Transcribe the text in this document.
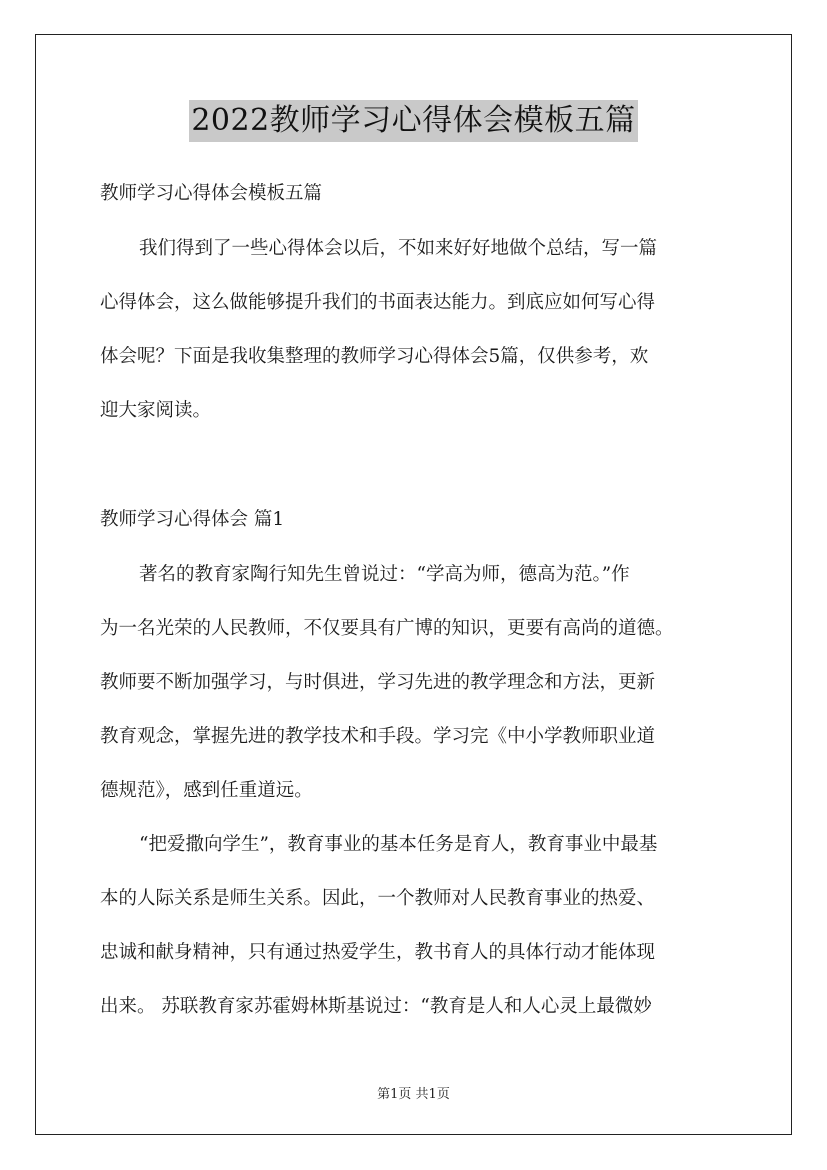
2022教师学习心得体会模板五篇
教师学习心得体会模板五篇
我们得到了一些心得体会以后，不如来好好地做个总结，写一篇
心得体会，这么做能够提升我们的书面表达能力。到底应如何写心得
体会呢？下面是我收集整理的教师学习心得体会5篇，仅供参考，欢
迎大家阅读。
教师学习心得体会 篇1
著名的教育家陶行知先生曾说过：“学高为师，德高为范。”作
为一名光荣的人民教师，不仅要具有广博的知识，更要有高尚的道德。
教师要不断加强学习，与时俱进，学习先进的教学理念和方法，更新
教育观念，掌握先进的教学技术和手段。学习完《中小学教师职业道
德规范》，感到任重道远。
“把爱撒向学生”，教育事业的基本任务是育人，教育事业中最基
本的人际关系是师生关系。因此，一个教师对人民教育事业的热爱、
忠诚和献身精神，只有通过热爱学生，教书育人的具体行动才能体现
出来。 苏联教育家苏霍姆林斯基说过：“教育是人和人心灵上最微妙
第1页 共1页
